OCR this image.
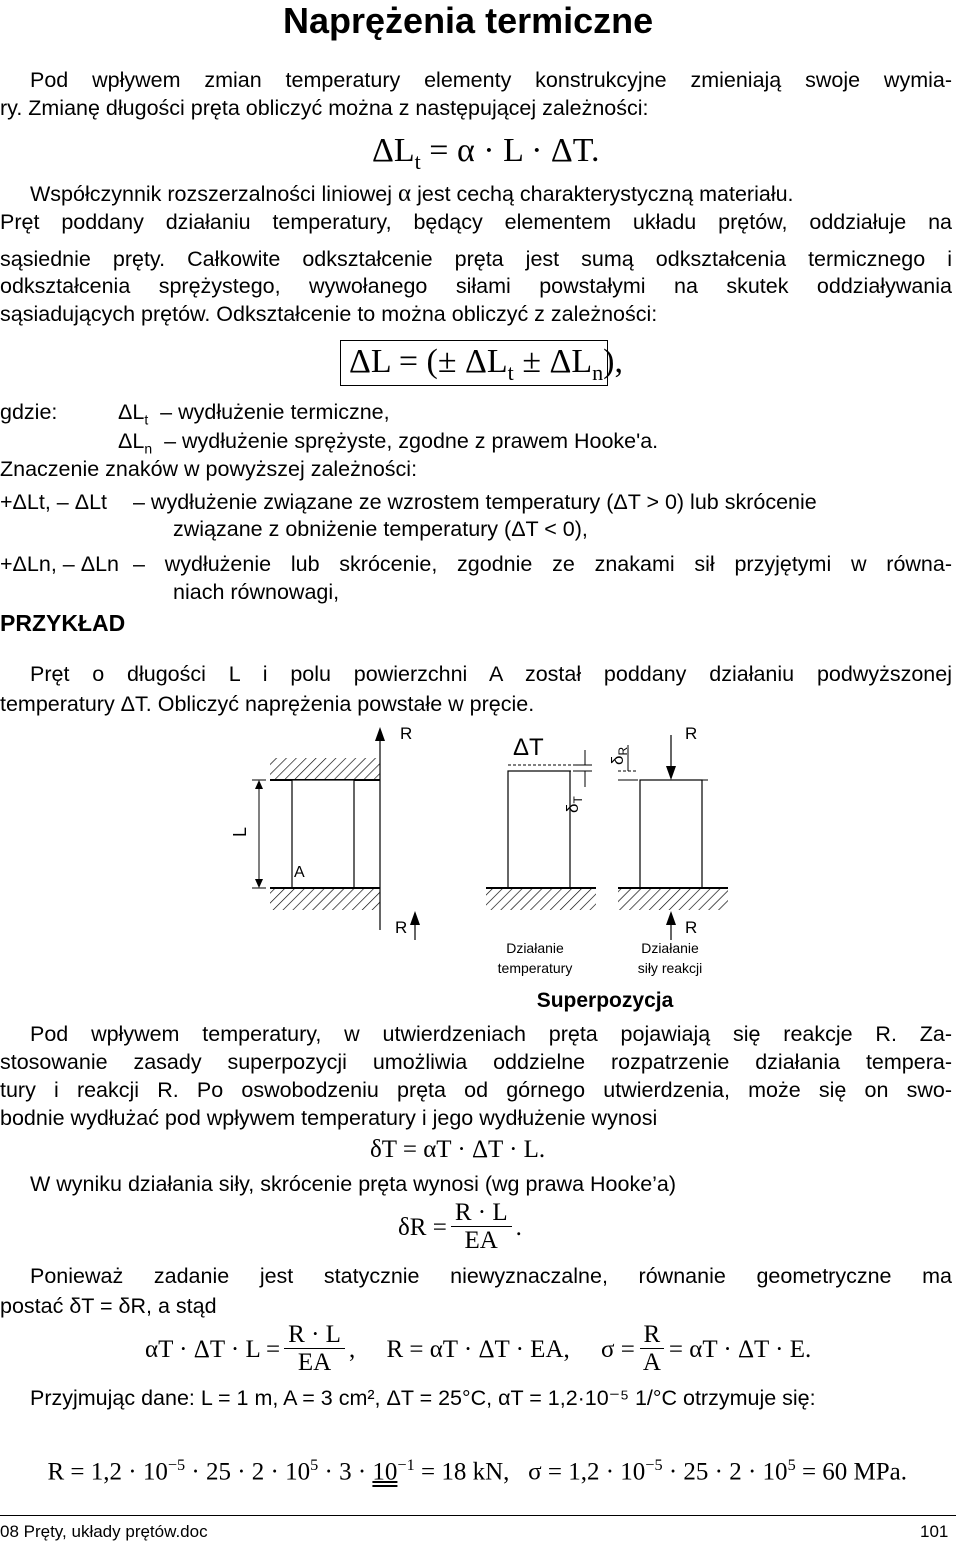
Naprężenia termiczne
Pod wpływem zmian temperatury elementy konstrukcyjne zmieniają swoje wymia-
ry. Zmianę długości pręta obliczyć można z następującej zależności:
$\Delta L_t = \alpha \cdot L \cdot \Delta T$.
Współczynnik rozszerzalności liniowej α jest cechą charakterystyczną materiału.
Pręt poddany działaniu temperatury, będący elementem układu prętów, oddziałuje na
sąsiednie pręty. Całkowite odkształcenie pręta jest sumą odkształcenia termicznego i
odkształcenia sprężystego, wywołanego siłami powstałymi na skutek oddziaływania
sąsiadujących prętów. Odkształcenie to można obliczyć z zależności:
ΔL = (± $\Delta L_t \pm \Delta L_n$),
gdzie:	$\Delta L_t$ – wydłużenie termiczne,
$\Delta L_n$ – wydłużenie sprężyste, zgodne z prawem Hooke'a.
Znaczenie znaków w powyższej zależności:
+ΔLt, – ΔLt – wydłużenie związane ze wzrostem temperatury (ΔT > 0) lub skrócenie
związane z obniżenie temperatury (ΔT < 0),
+ΔLn, – ΔLn – wydłużenie lub skrócenie, zgodnie ze znakami sił przyjętymi w równa-
niach równowagi,
PRZYKŁAD
Pręt o długości L i polu powierzchni A został poddany działaniu podwyższonej
temperatury ΔT. Obliczyć naprężenia powstałe w pręcie.
L
A
R
ΔT
$\delta_T$
R
$\delta_R$
R	R
Działanie
temperatury
Działanie
siły reakcji
Superpozycja
Pod wpływem temperatury, w utwierdzeniach pręta pojawiają się reakcje R. Za-
stosowanie zasady superpozycji umożliwia oddzielne rozpatrzenie działania tempera-
tury i reakcji R. Po oswobodzeniu pręta od górnego utwierdzenia, może się on swo-
bodnie wydłużać pod wpływem temperatury i jego wydłużenie wynosi
δT = αT · ΔT · L.
W wyniku działania siły, skrócenie pręta wynosi (wg prawa Hooke’a)
$\delta R = \frac{R \cdot L}{EA}$ .
Ponieważ zadanie jest statycznie niewyznaczalne, równanie geometryczne ma
postać δT = δR, a stąd
$\alpha T \cdot \Delta T \cdot L = \frac{R \cdot L}{EA}$ ,     R = αT · ΔT · EA,     $\sigma = \frac{R}{A} = \alpha T \cdot \Delta T \cdot E$.
Przyjmując dane: L = 1 m, A = 3 cm², ΔT = 25°C, αT = 1,2·10⁻⁵ 1/°C otrzymuje się:

$R = 1,2 \cdot 10^{-5} \cdot 25 \cdot 2 \cdot 10^5 \cdot 3 \cdot 10^{-1} = 18$ kN, $\sigma = 1,2 \cdot 10^{-5} \cdot 25 \cdot 2 \cdot 10^5 = 60$ MPa.

08 Pręty, układy prętów.doc	101
